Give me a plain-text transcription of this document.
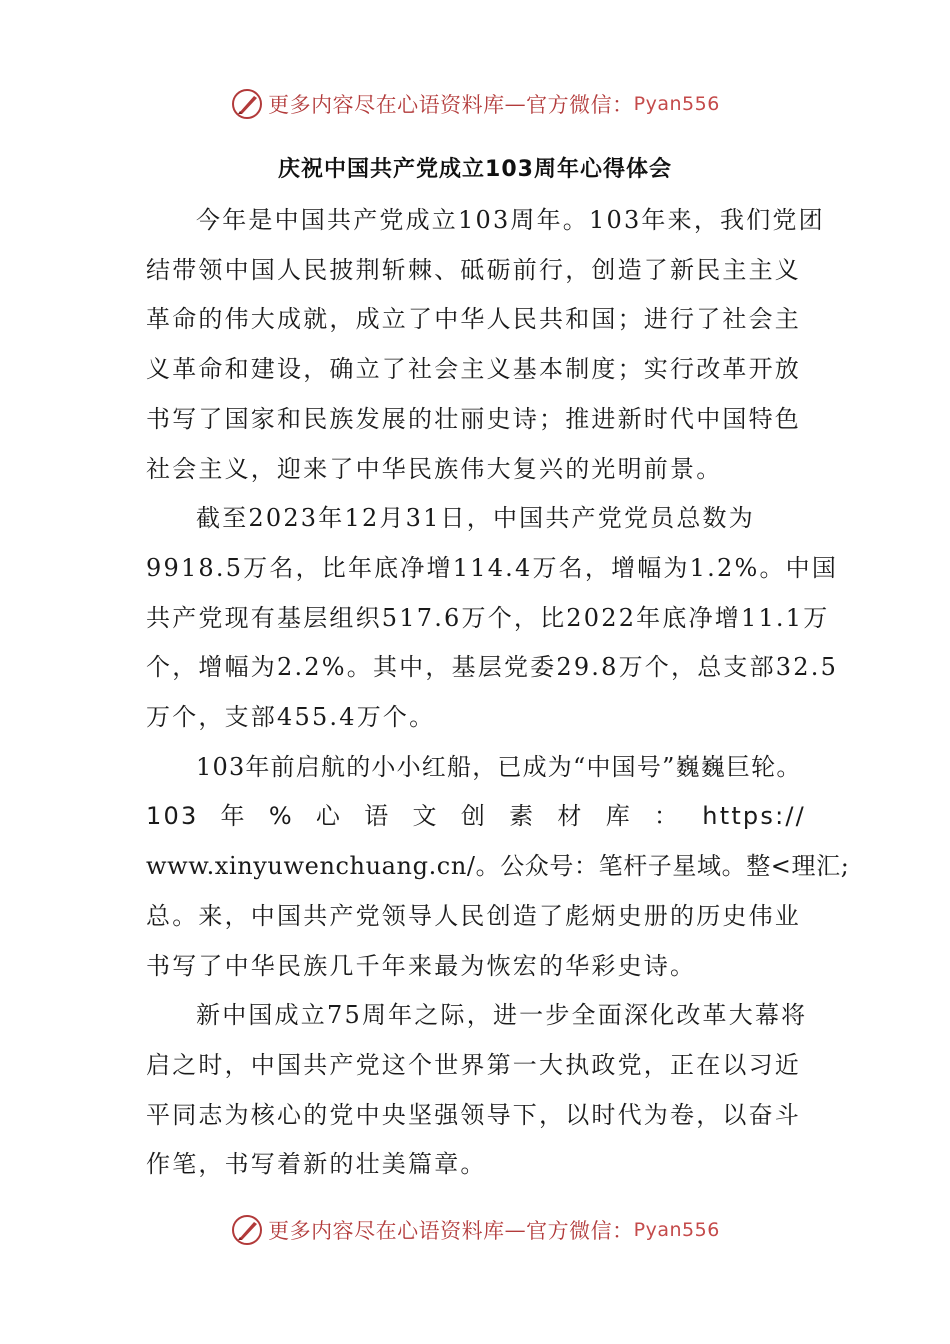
更多内容尽在心语资料库 — 官方微信： Pyan556
庆祝中国共产党成立103周年心得体会
今年是中国共产党成立103周年。103年来，我们党团
结带领中国人民披荆斩棘、砥砺前行，创造了新民主主义
革命的伟大成就，成立了中华人民共和国；进行了社会主
义革命和建设，确立了社会主义基本制度；实行改革开放
书写了国家和民族发展的壮丽史诗；推进新时代中国特色
社会主义，迎来了中华民族伟大复兴的光明前景。
截至2023年12月31日，中国共产党党员总数为
9918.5万名，比年底净增114.4万名，增幅为1.2%。中国
共产党现有基层组织517.6万个，比2022年底净增11.1万
个，增幅为2.2%。其中，基层党委29.8万个，总支部32.5
万个，支部455.4万个。
103年前启航的小小红船，已成为“中国号”巍巍巨轮。
103 年 % 心 语 文 创 素 材 库 ： https://
www.xinyuwenchuang.cn/。公众号：笔杆子星域。整<理汇;
总。来，中国共产党领导人民创造了彪炳史册的历史伟业
书写了中华民族几千年来最为恢宏的华彩史诗。
新中国成立75周年之际，进一步全面深化改革大幕将
启之时，中国共产党这个世界第一大执政党，正在以习近
平同志为核心的党中央坚强领导下，以时代为卷，以奋斗
作笔，书写着新的壮美篇章。
更多内容尽在心语资料库 — 官方微信： Pyan556
